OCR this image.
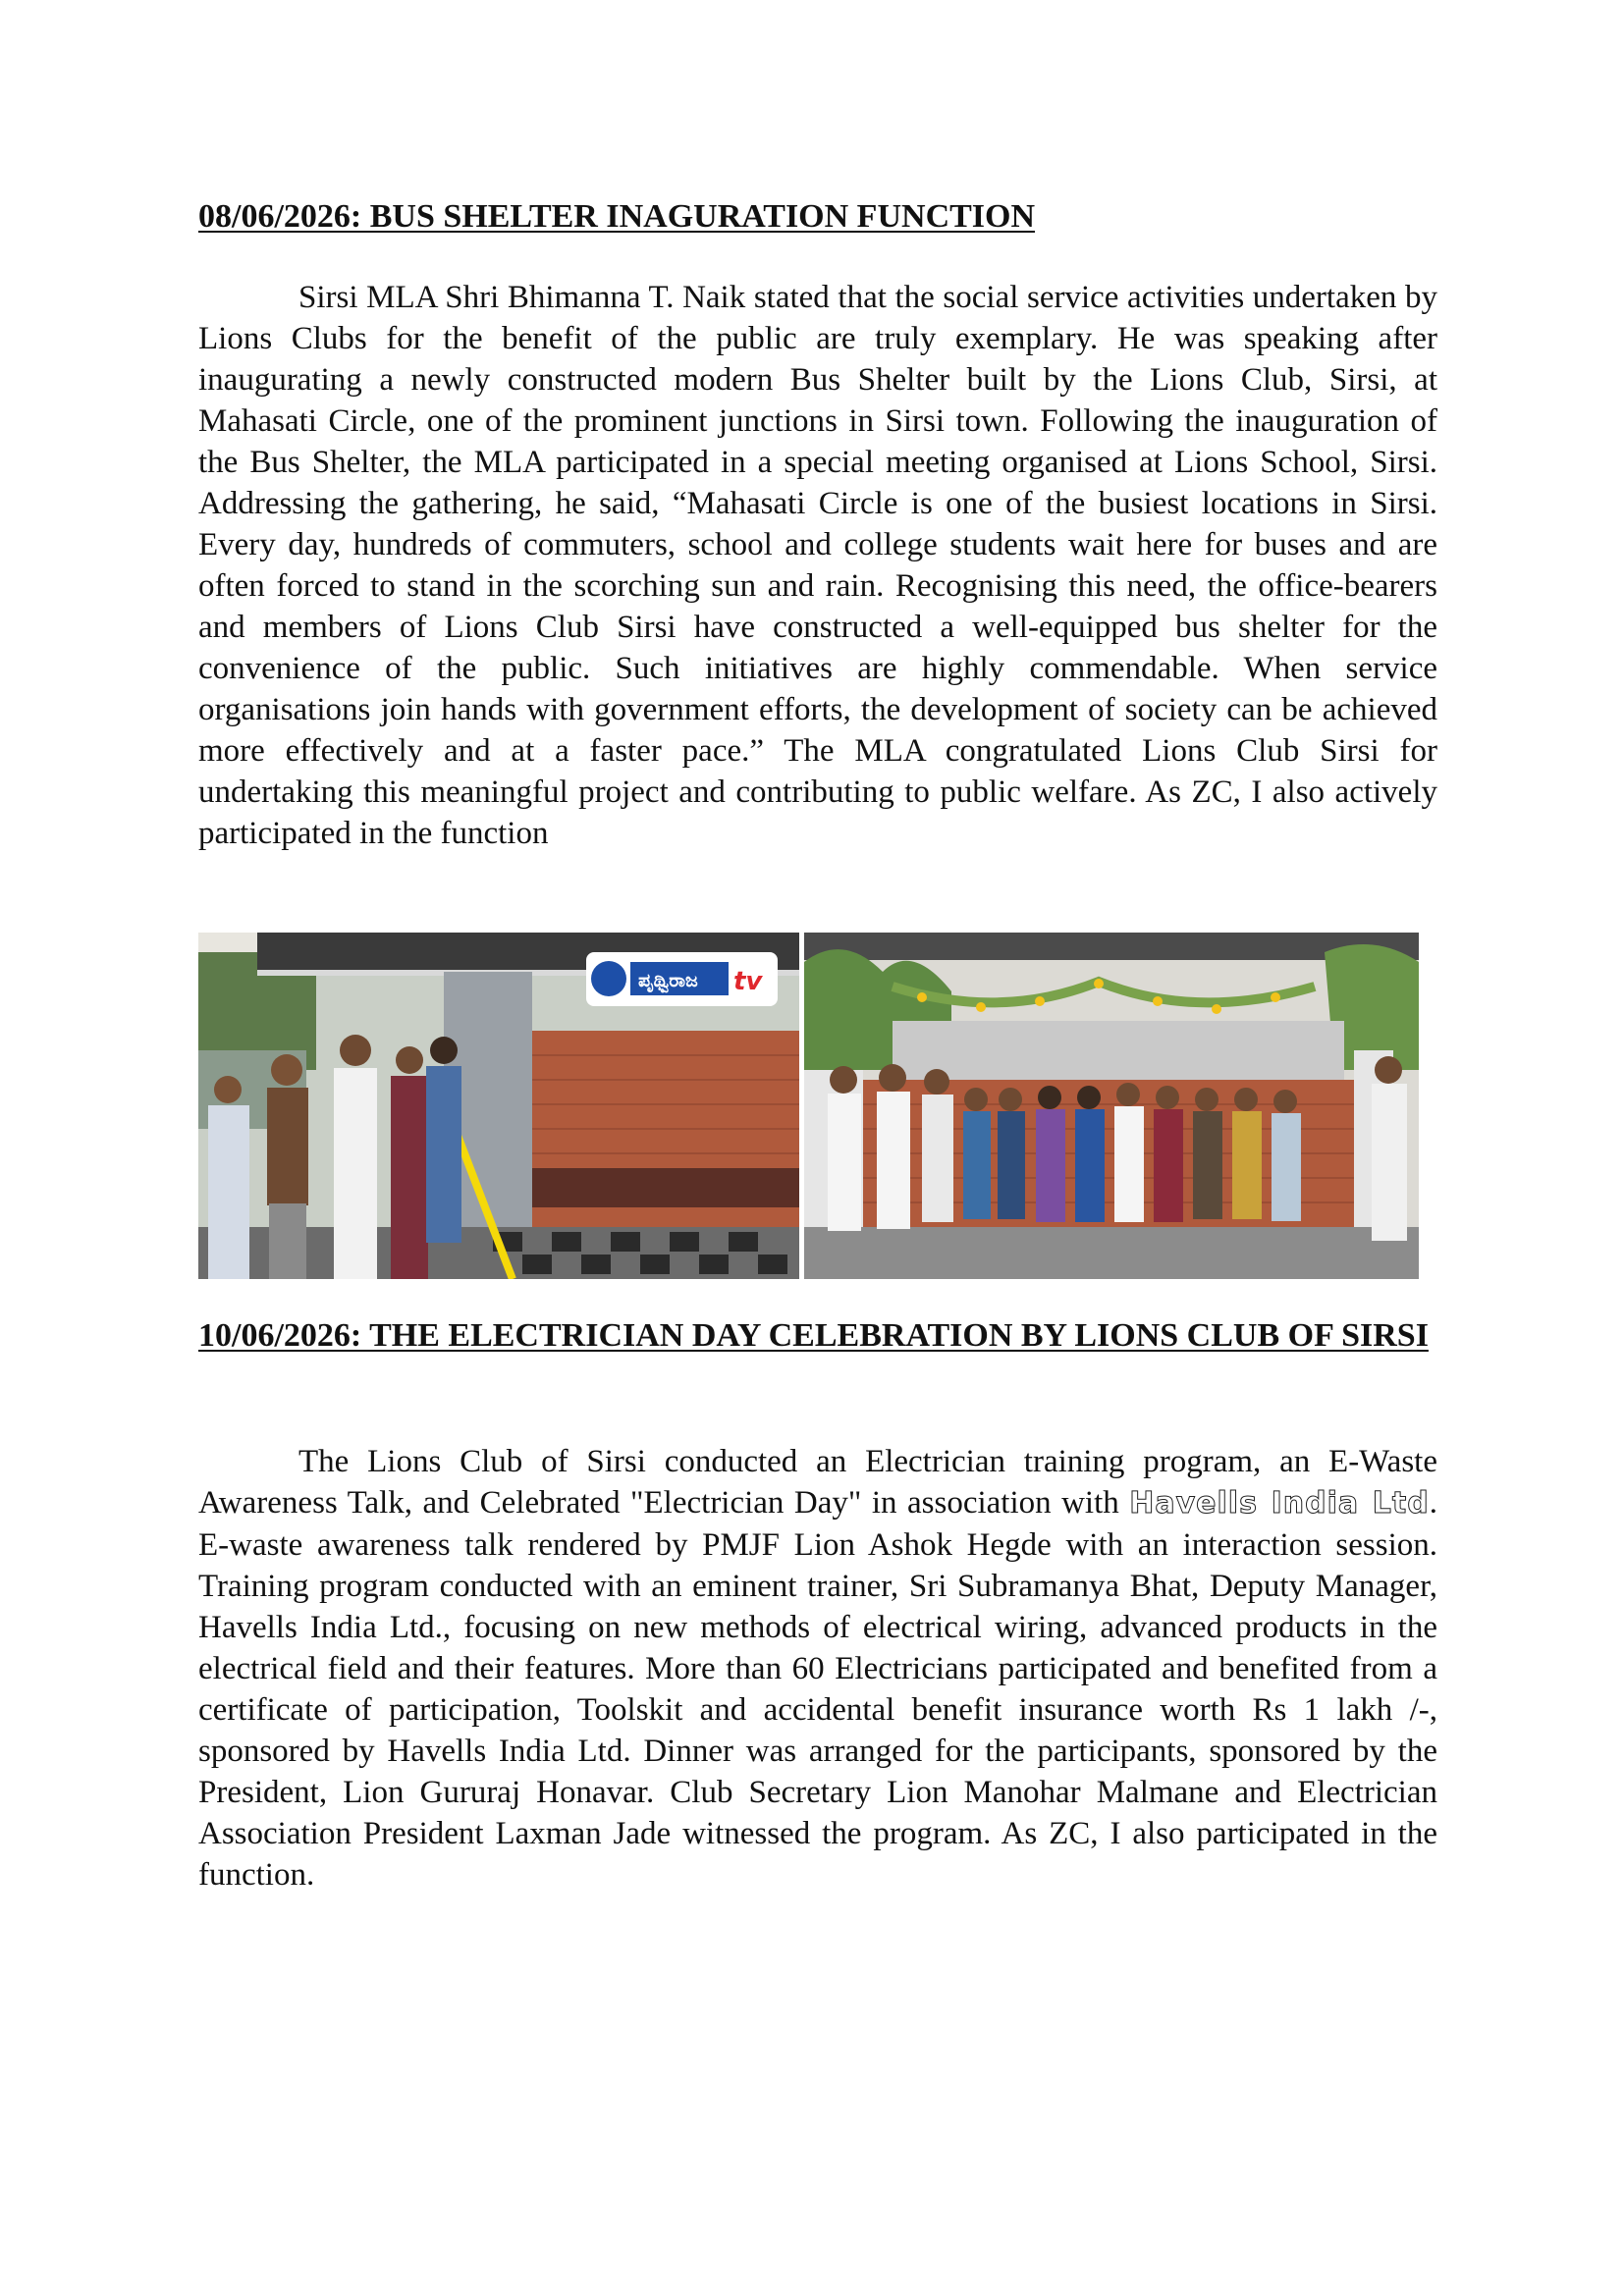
08/06/2026: BUS SHELTER INAGURATION FUNCTION

Sirsi MLA Shri Bhimanna T. Naik stated that the social service activities undertaken by Lions Clubs for the benefit of the public are truly exemplary. He was speaking after inaugurating a newly constructed modern Bus Shelter built by the Lions Club, Sirsi, at Mahasati Circle, one of the prominent junctions in Sirsi town. Following the inauguration of the Bus Shelter, the MLA participated in a special meeting organised at Lions School, Sirsi. Addressing the gathering, he said, “Mahasati Circle is one of the busiest locations in Sirsi. Every day, hundreds of commuters, school and college students wait here for buses and are often forced to stand in the scorching sun and rain. Recognising this need, the office-bearers and members of Lions Club Sirsi have constructed a well-equipped bus shelter for the convenience of the public. Such initiatives are highly commendable. When service organisations join hands with government efforts, the development of society can be achieved more effectively and at a faster pace.” The MLA congratulated Lions Club Sirsi for undertaking this meaningful project and contributing to public welfare. As ZC, I also actively participated in the function

ಪೃಥ್ವಿರಾಜ tv
10/06/2026: THE ELECTRICIAN DAY CELEBRATION BY LIONS CLUB OF SIRSI

The Lions Club of Sirsi conducted an Electrician training program, an E-Waste Awareness Talk, and Celebrated "Electrician Day" in association with Havells India Ltd. E-waste awareness talk rendered by PMJF Lion Ashok Hegde with an interaction session. Training program conducted with an eminent trainer, Sri Subramanya Bhat, Deputy Manager, Havells India Ltd., focusing on new methods of electrical wiring, advanced products in the electrical field and their features. More than 60 Electricians participated and benefited from a certificate of participation, Toolskit and accidental benefit insurance worth Rs 1 lakh /-, sponsored by Havells India Ltd. Dinner was arranged for the participants, sponsored by the President, Lion Gururaj Honavar. Club Secretary Lion Manohar Malmane and Electrician Association President Laxman Jade witnessed the program. As ZC, I also participated in the function.
